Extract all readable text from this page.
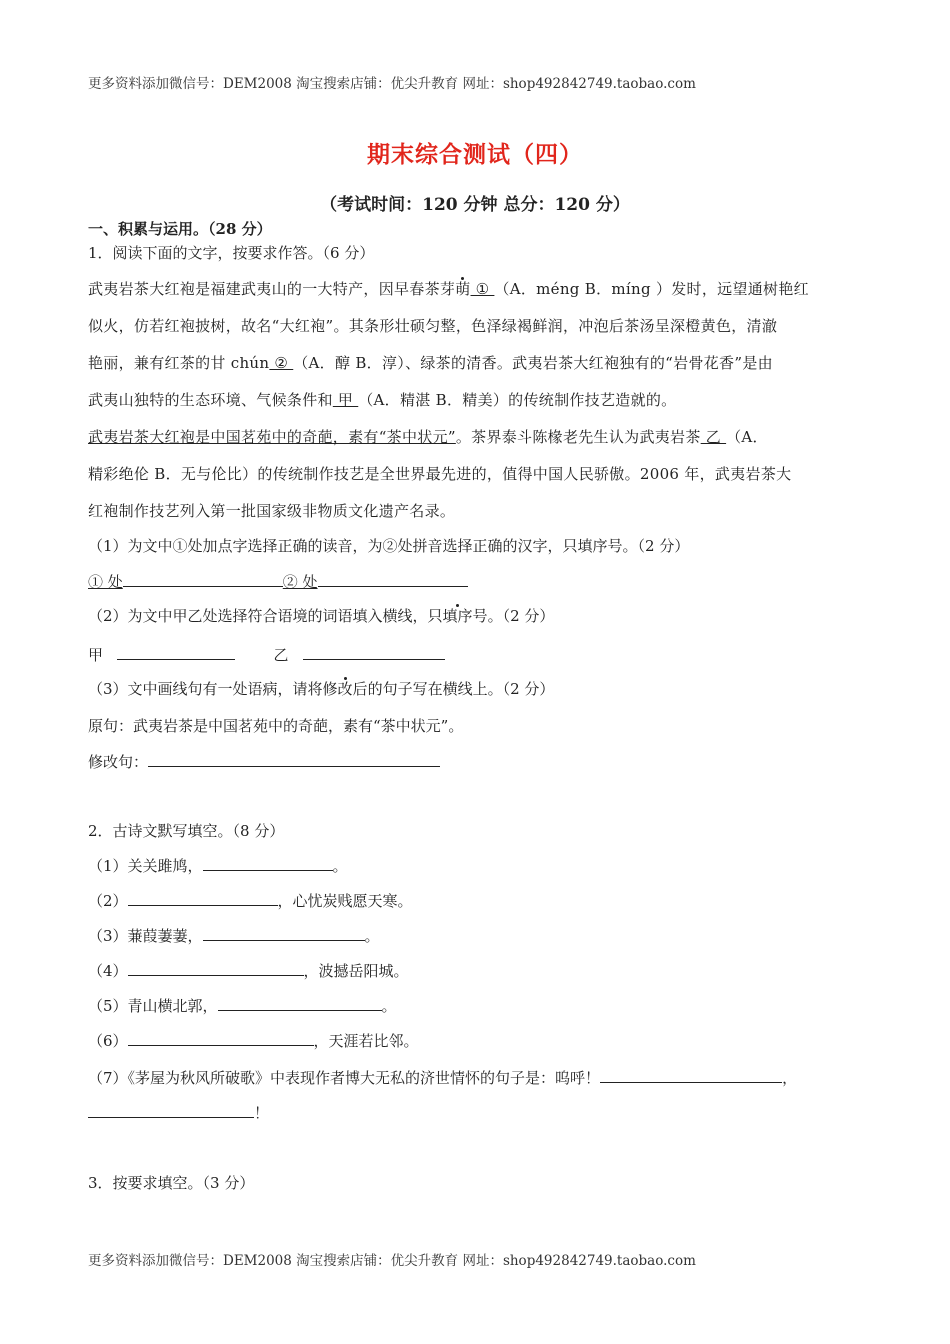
更多资料添加微信号：DEM2008 淘宝搜索店铺：优尖升教育 网址：shop492842749.taobao.com
期末综合测试（四）
（考试时间：120 分钟 总分：120 分）
一、积累与运用。（28 分）
1．阅读下面的文字，按要求作答。（6 分）
武夷岩茶大红袍是福建武夷山的一大特产，因早春茶芽萌 ① （A．méng B．míng ）发时，远望通树艳红
似火，仿若红袍披树，故名“大红袍”。其条形壮硕匀整，色泽绿褐鲜润，冲泡后茶汤呈深橙黄色，清澈
艳丽，兼有红茶的甘 chún ② （A．醇 B．淳）、绿茶的清香。武夷岩茶大红袍独有的“岩骨花香”是由
武夷山独特的生态环境、气候条件和 甲 （A．精湛 B．精美）的传统制作技艺造就的。
武夷岩茶大红袍是中国茗苑中的奇葩，素有“茶中状元”。茶界泰斗陈椽老先生认为武夷岩茶 乙 （A．
精彩绝伦 B．无与伦比）的传统制作技艺是全世界最先进的，值得中国人民骄傲。2006 年，武夷岩茶大
红袍制作技艺列入第一批国家级非物质文化遗产名录。
（1）为文中①处加点字选择正确的读音，为②处拼音选择正确的汉字，只填序号。（2 分）
① 处	② 处
（2）为文中甲乙处选择符合语境的词语填入横线，只填序号。（2 分）
甲	乙
（3）文中画线句有一处语病，请将修改后的句子写在横线上。（2 分）
原句：武夷岩茶是中国茗苑中的奇葩，素有“茶中状元”。
修改句：
2．古诗文默写填空。（8 分）
（1）关关雎鸠，	。
（2）	，心忧炭贱愿天寒。
（3）蒹葭萋萋，	。
（4）	，波撼岳阳城。
（5）青山横北郭，	。
（6）	，天涯若比邻。
（7）《茅屋为秋风所破歌》中表现作者博大无私的济世情怀的句子是：呜呼！	，
！
3．按要求填空。（3 分）
更多资料添加微信号：DEM2008 淘宝搜索店铺：优尖升教育 网址：shop492842749.taobao.com
